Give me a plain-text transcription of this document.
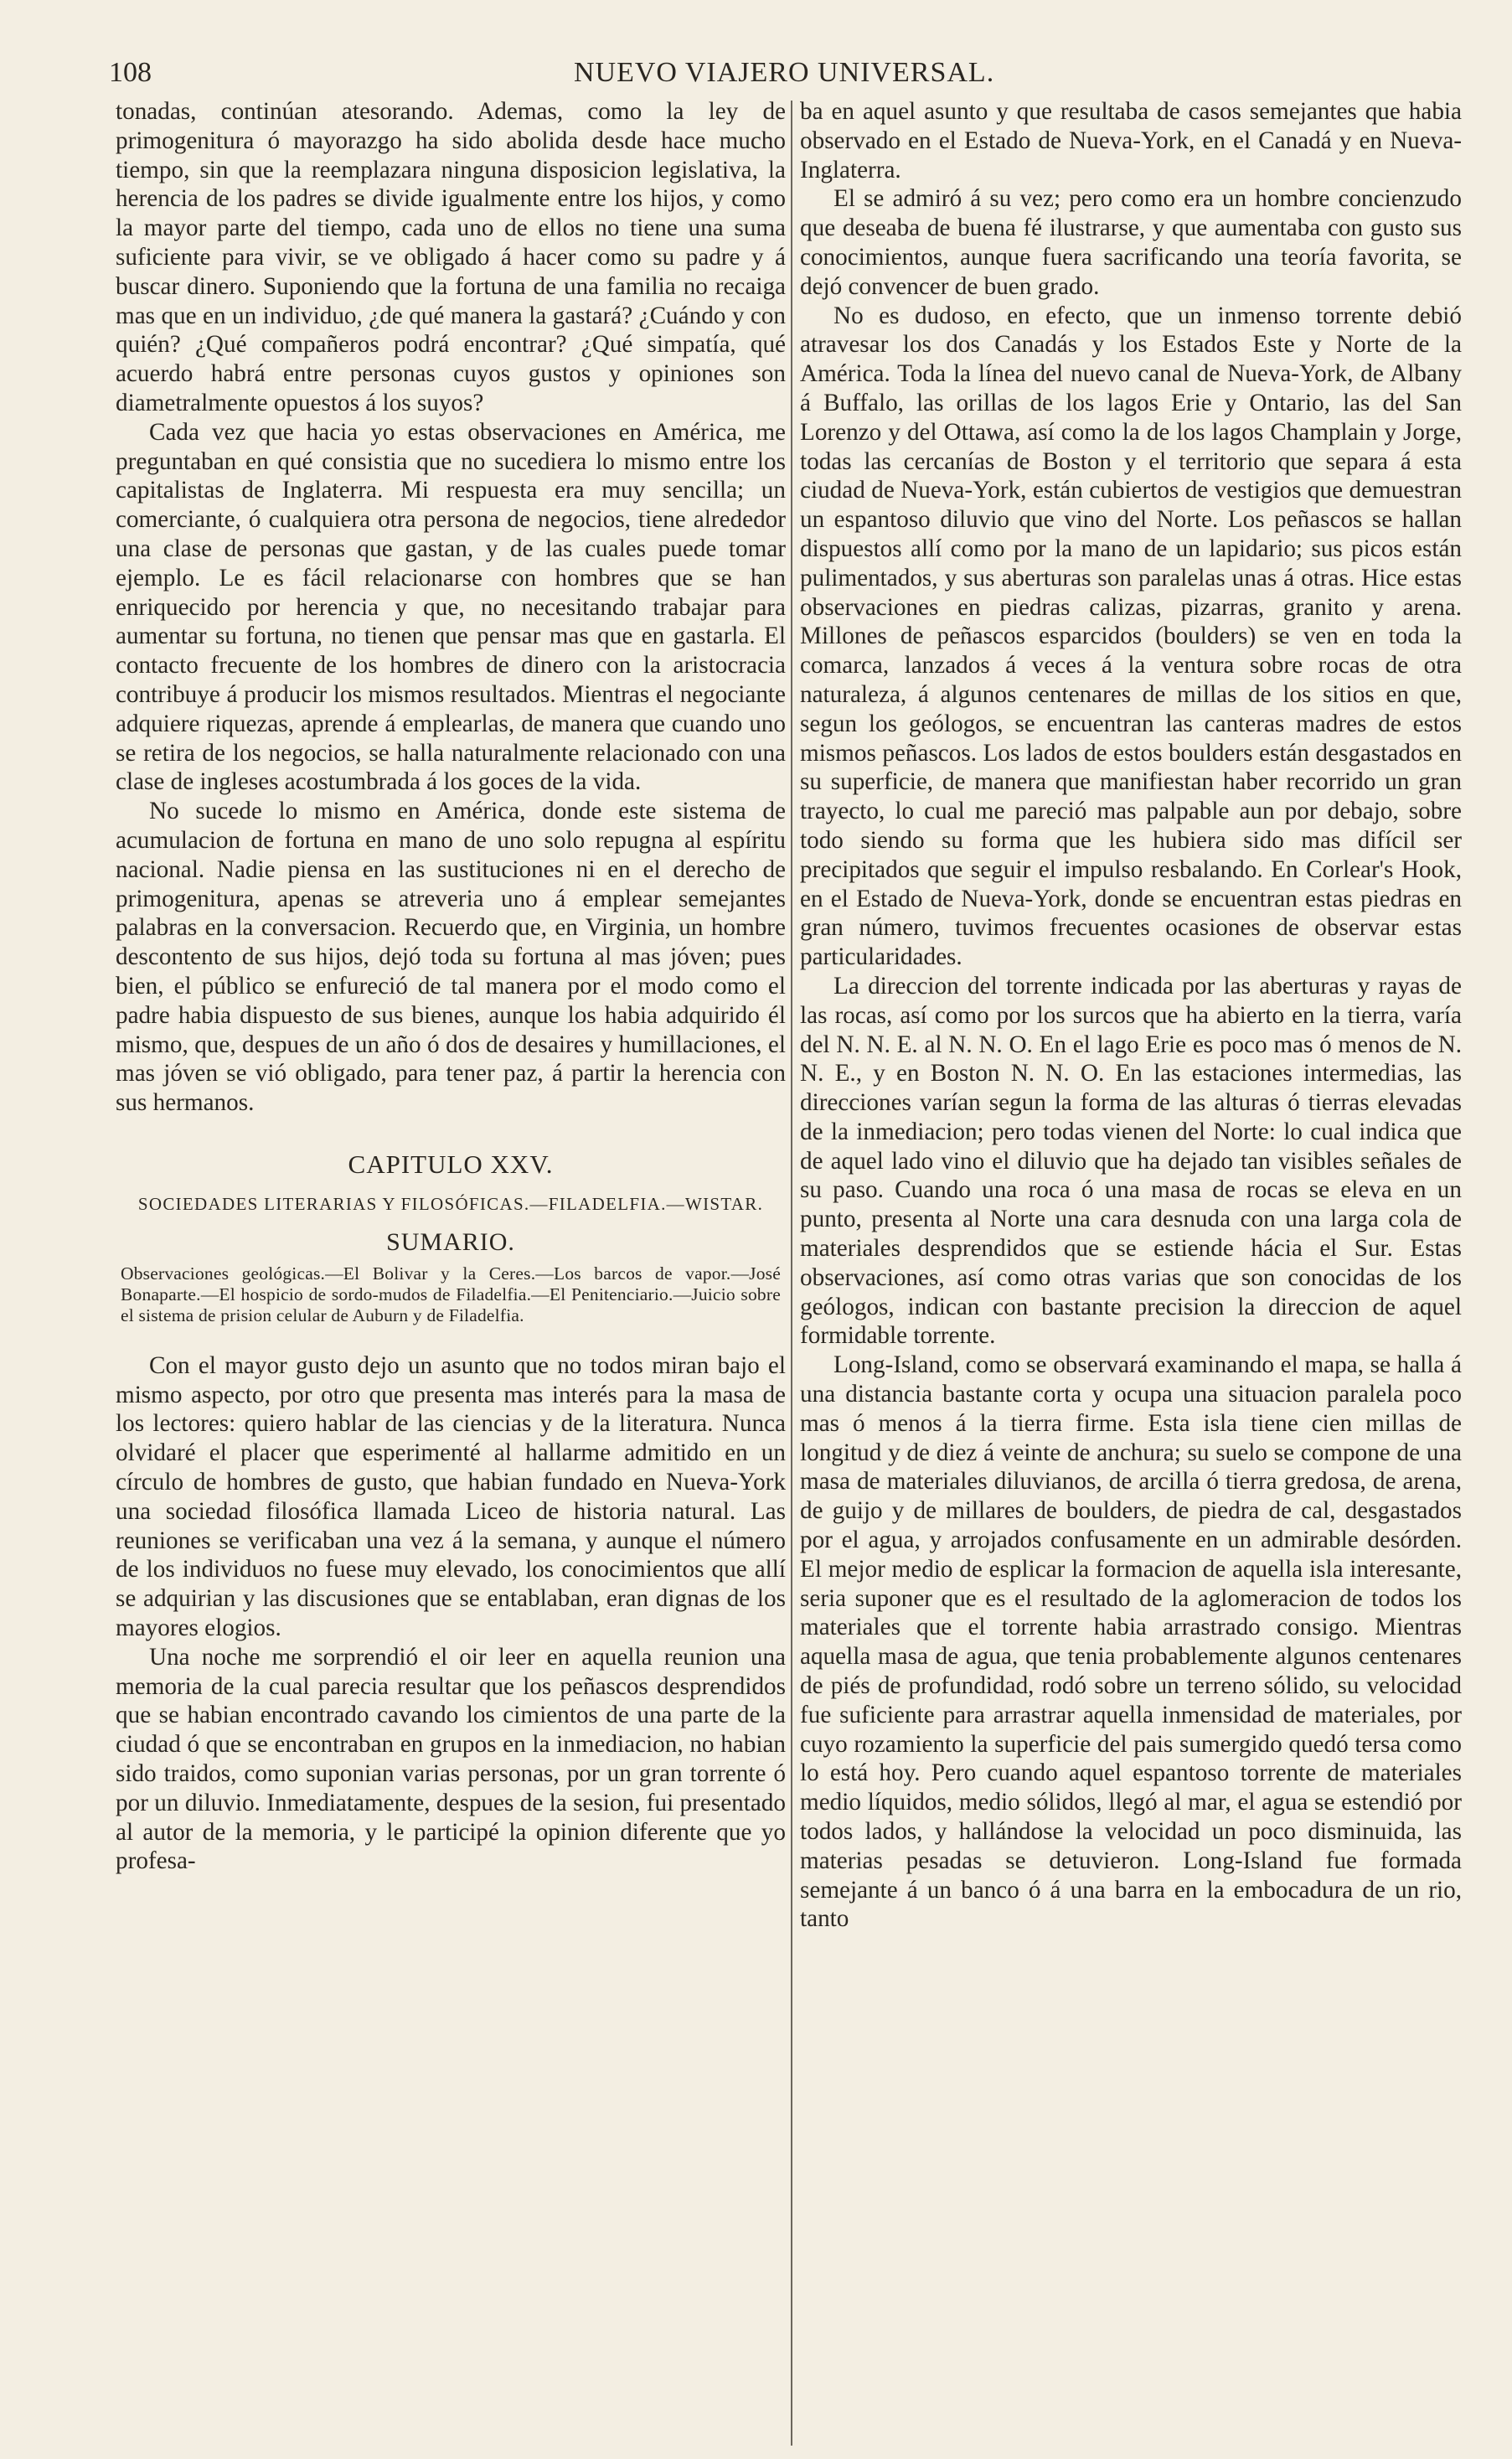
108	NUEVO VIAJERO UNIVERSAL.

tonadas, continúan atesorando. Ademas, como la ley de primogenitura ó mayorazgo ha sido abolida desde hace mucho tiempo, sin que la reemplazara ninguna disposicion legislativa, la herencia de los padres se divide igualmente entre los hijos, y como la mayor parte del tiempo, cada uno de ellos no tiene una suma suficiente para vivir, se ve obligado á hacer como su padre y á buscar dinero. Suponiendo que la fortuna de una familia no recaiga mas que en un individuo, ¿de qué manera la gastará? ¿Cuándo y con quién? ¿Qué compañeros podrá encontrar? ¿Qué simpatía, qué acuerdo habrá entre personas cuyos gustos y opiniones son diametralmente opuestos á los suyos?

Cada vez que hacia yo estas observaciones en América, me preguntaban en qué consistia que no sucediera lo mismo entre los capitalistas de Inglaterra. Mi respuesta era muy sencilla; un comerciante, ó cualquiera otra persona de negocios, tiene alrededor una clase de personas que gastan, y de las cuales puede tomar ejemplo. Le es fácil relacionarse con hombres que se han enriquecido por herencia y que, no necesitando trabajar para aumentar su fortuna, no tienen que pensar mas que en gastarla. El contacto frecuente de los hombres de dinero con la aristocracia contribuye á producir los mismos resultados. Mientras el negociante adquiere riquezas, aprende á emplearlas, de manera que cuando uno se retira de los negocios, se halla naturalmente relacionado con una clase de ingleses acostumbrada á los goces de la vida.

No sucede lo mismo en América, donde este sistema de acumulacion de fortuna en mano de uno solo repugna al espíritu nacional. Nadie piensa en las sustituciones ni en el derecho de primogenitura, apenas se atreveria uno á emplear semejantes palabras en la conversacion. Recuerdo que, en Virginia, un hombre descontento de sus hijos, dejó toda su fortuna al mas jóven; pues bien, el público se enfureció de tal manera por el modo como el padre habia dispuesto de sus bienes, aunque los habia adquirido él mismo, que, despues de un año ó dos de desaires y humillaciones, el mas jóven se vió obligado, para tener paz, á partir la herencia con sus hermanos.

CAPITULO XXV.
SOCIEDADES LITERARIAS Y FILOSÓFICAS.—FILADELFIA.—WISTAR.
SUMARIO.
Observaciones geológicas.—El Bolivar y la Ceres.—Los barcos de vapor.—José Bonaparte.—El hospicio de sordo-mudos de Filadelfia.—El Penitenciario.—Juicio sobre el sistema de prision celular de Auburn y de Filadelfia.

Con el mayor gusto dejo un asunto que no todos miran bajo el mismo aspecto, por otro que presenta mas interés para la masa de los lectores: quiero hablar de las ciencias y de la literatura. Nunca olvidaré el placer que esperimenté al hallarme admitido en un círculo de hombres de gusto, que habian fundado en Nueva-York una sociedad filosófica llamada Liceo de historia natural. Las reuniones se verificaban una vez á la semana, y aunque el número de los individuos no fuese muy elevado, los conocimientos que allí se adquirian y las discusiones que se entablaban, eran dignas de los mayores elogios.

Una noche me sorprendió el oir leer en aquella reunion una memoria de la cual parecia resultar que los peñascos desprendidos que se habian encontrado cavando los cimientos de una parte de la ciudad ó que se encontraban en grupos en la inmediacion, no habian sido traidos, como suponian varias personas, por un gran torrente ó por un diluvio. Inmediatamente, despues de la sesion, fui presentado al autor de la memoria, y le participé la opinion diferente que yo profesa-

ba en aquel asunto y que resultaba de casos semejantes que habia observado en el Estado de Nueva-York, en el Canadá y en Nueva-Inglaterra.

El se admiró á su vez; pero como era un hombre concienzudo que deseaba de buena fé ilustrarse, y que aumentaba con gusto sus conocimientos, aunque fuera sacrificando una teoría favorita, se dejó convencer de buen grado.

No es dudoso, en efecto, que un inmenso torrente debió atravesar los dos Canadás y los Estados Este y Norte de la América. Toda la línea del nuevo canal de Nueva-York, de Albany á Buffalo, las orillas de los lagos Erie y Ontario, las del San Lorenzo y del Ottawa, así como la de los lagos Champlain y Jorge, todas las cercanías de Boston y el territorio que separa á esta ciudad de Nueva-York, están cubiertos de vestigios que demuestran un espantoso diluvio que vino del Norte. Los peñascos se hallan dispuestos allí como por la mano de un lapidario; sus picos están pulimentados, y sus aberturas son paralelas unas á otras. Hice estas observaciones en piedras calizas, pizarras, granito y arena. Millones de peñascos esparcidos (boulders) se ven en toda la comarca, lanzados á veces á la ventura sobre rocas de otra naturaleza, á algunos centenares de millas de los sitios en que, segun los geólogos, se encuentran las canteras madres de estos mismos peñascos. Los lados de estos boulders están desgastados en su superficie, de manera que manifiestan haber recorrido un gran trayecto, lo cual me pareció mas palpable aun por debajo, sobre todo siendo su forma que les hubiera sido mas difícil ser precipitados que seguir el impulso resbalando. En Corlear's Hook, en el Estado de Nueva-York, donde se encuentran estas piedras en gran número, tuvimos frecuentes ocasiones de observar estas particularidades.

La direccion del torrente indicada por las aberturas y rayas de las rocas, así como por los surcos que ha abierto en la tierra, varía del N. N. E. al N. N. O. En el lago Erie es poco mas ó menos de N. N. E., y en Boston N. N. O. En las estaciones intermedias, las direcciones varían segun la forma de las alturas ó tierras elevadas de la inmediacion; pero todas vienen del Norte: lo cual indica que de aquel lado vino el diluvio que ha dejado tan visibles señales de su paso. Cuando una roca ó una masa de rocas se eleva en un punto, presenta al Norte una cara desnuda con una larga cola de materiales desprendidos que se estiende hácia el Sur. Estas observaciones, así como otras varias que son conocidas de los geólogos, indican con bastante precision la direccion de aquel formidable torrente.

Long-Island, como se observará examinando el mapa, se halla á una distancia bastante corta y ocupa una situacion paralela poco mas ó menos á la tierra firme. Esta isla tiene cien millas de longitud y de diez á veinte de anchura; su suelo se compone de una masa de materiales diluvianos, de arcilla ó tierra gredosa, de arena, de guijo y de millares de boulders, de piedra de cal, desgastados por el agua, y arrojados confusamente en un admirable desórden. El mejor medio de esplicar la formacion de aquella isla interesante, seria suponer que es el resultado de la aglomeracion de todos los materiales que el torrente habia arrastrado consigo. Mientras aquella masa de agua, que tenia probablemente algunos centenares de piés de profundidad, rodó sobre un terreno sólido, su velocidad fue suficiente para arrastrar aquella inmensidad de materiales, por cuyo rozamiento la superficie del pais sumergido quedó tersa como lo está hoy. Pero cuando aquel espantoso torrente de materiales medio líquidos, medio sólidos, llegó al mar, el agua se estendió por todos lados, y hallándose la velocidad un poco disminuida, las materias pesadas se detuvieron. Long-Island fue formada semejante á un banco ó á una barra en la embocadura de un rio, tanto
